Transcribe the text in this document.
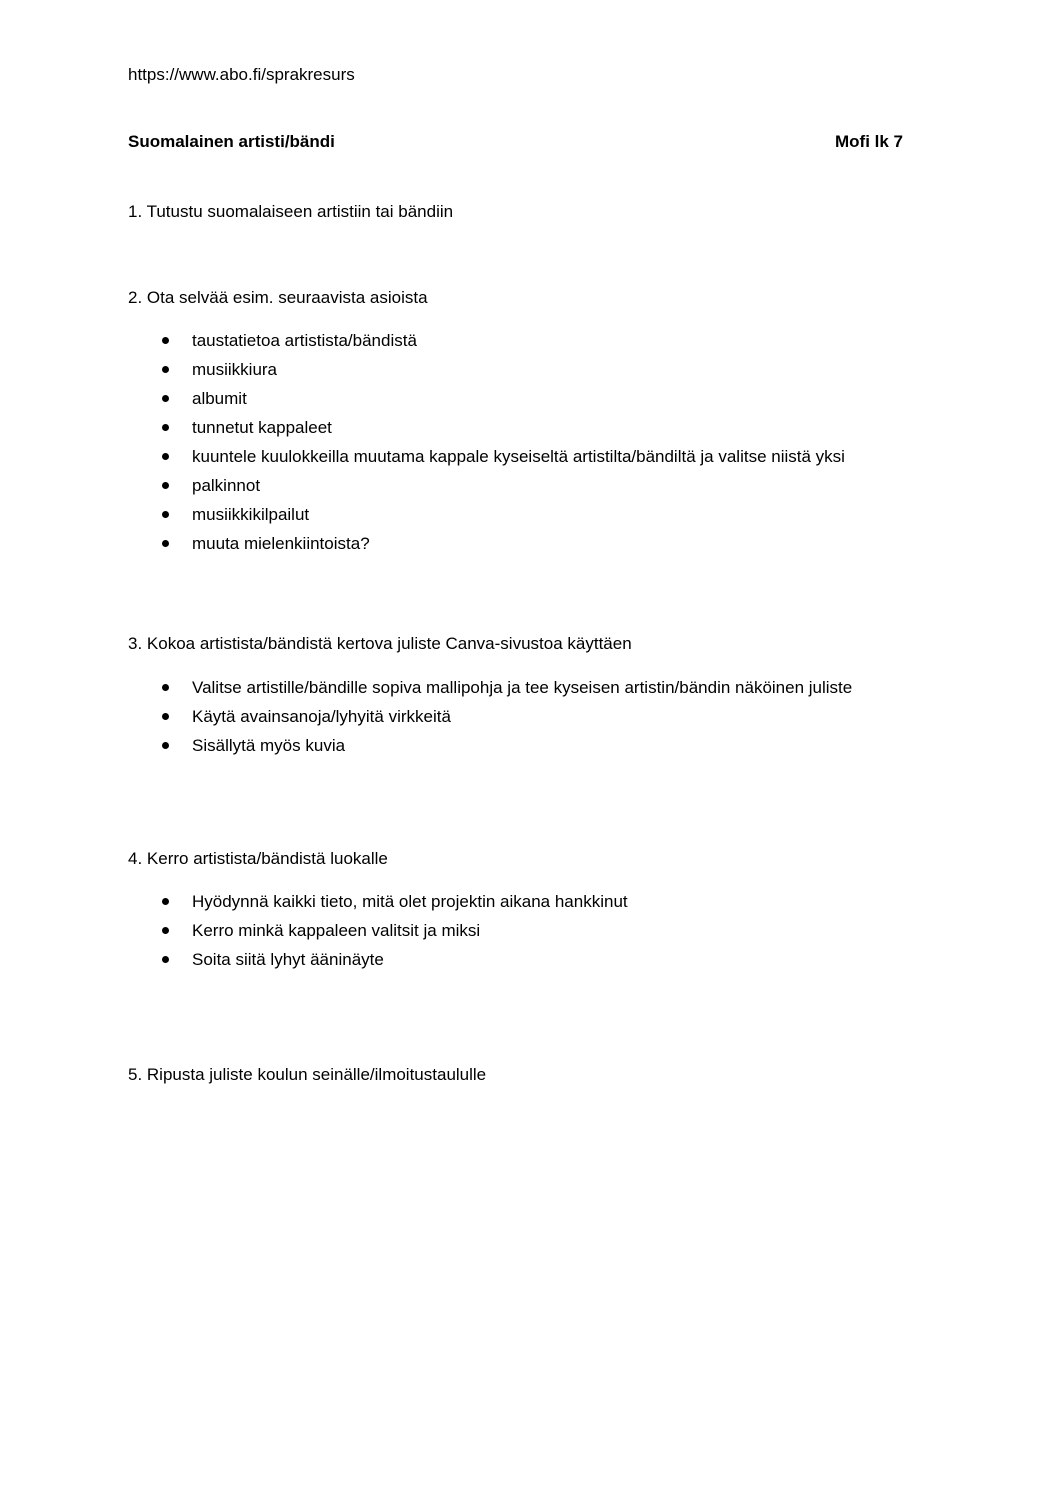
https://www.abo.fi/sprakresurs
Suomalainen artisti/bändi	Mofi lk 7
1. Tutustu suomalaiseen artistiin tai bändiin
2. Ota selvää esim. seuraavista asioista
taustatietoa artistista/bändistä
musiikkiura
albumit
tunnetut kappaleet
kuuntele kuulokkeilla muutama kappale kyseiseltä artistilta/bändiltä ja valitse niistä yksi
palkinnot
musiikkikilpailut
muuta mielenkiintoista?
3. Kokoa artistista/bändistä kertova juliste Canva-sivustoa käyttäen
Valitse artistille/bändille sopiva mallipohja ja tee kyseisen artistin/bändin näköinen juliste
Käytä avainsanoja/lyhyitä virkkeitä
Sisällytä myös kuvia
4. Kerro artistista/bändistä luokalle
Hyödynnä kaikki tieto, mitä olet projektin aikana hankkinut
Kerro minkä kappaleen valitsit ja miksi
Soita siitä lyhyt ääninäyte
5. Ripusta juliste koulun seinälle/ilmoitustaululle
